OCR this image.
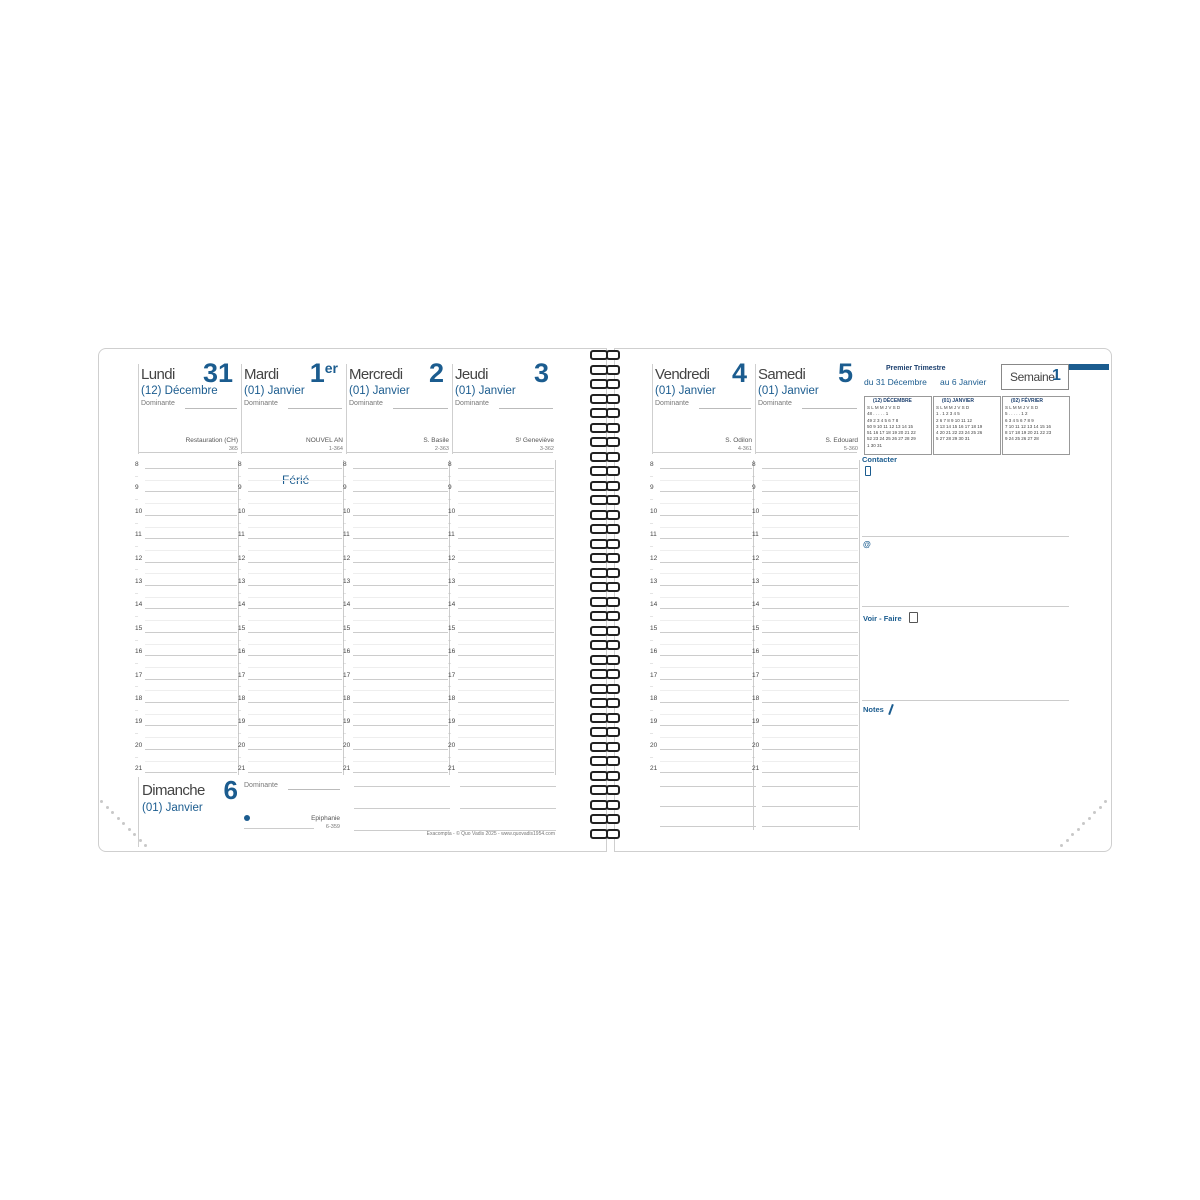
Lundi 31
(12) Décembre
Dominante
Restauration (CH)
365
Mardi 1er
(01) Janvier
Dominante
NOUVEL AN
1-364
Mercredi 2
(01) Janvier
Dominante
S. Basile
2-363
Jeudi 3
(01) Janvier
Dominante
Sᵗ Geneviève
3-362
Férié
Dimanche 6
(01) Janvier
Dominante
Epiphanie
6-359
Exacompta - © Quo Vadis 2025 - www.quovadis1954.com
Vendredi 4
(01) Janvier
Dominante
S. Odilon
4-361
Samedi 5
(01) Janvier
Dominante
S. Edouard
5-360
Premier Trimestre
du 31 Décembre au 6 Janvier Semaine
1
(12) DÉCEMBRE
S L M M J V S D
48 . . . . . 1
49 2 3 4 5 6 7 8
50 9 10 11 12 13 14 15
51 16 17 18 19 20 21 22
52 23 24 25 26 27 28 29
1 30 31
(01) JANVIER
S L M M J V S D
1 . 1 2 3 4 5
2 6 7 8 9 10 11 12
3 13 14 15 16 17 18 19
4 20 21 22 23 24 25 26
5 27 28 29 30 31
(02) FÉVRIER
S L M M J V S D
5 . . . . . 1 2
6 3 4 5 6 7 8 9
7 10 11 12 13 14 15 16
8 17 18 19 20 21 22 23
9 24 25 26 27 28
Contacter
@
Voir - Faire
Notes
8
–
9
–
10
–
11
–
12
–
13
–
14
–
15
–
16
–
17
–
18
–
19
–
20
–
21
8
–
9
–
10
–
11
–
12
–
13
–
14
–
15
–
16
–
17
–
18
–
19
–
20
–
21
8
–
9
–
10
–
11
–
12
–
13
–
14
–
15
–
16
–
17
–
18
–
19
–
20
–
21
8
–
9
–
10
–
11
–
12
–
13
–
14
–
15
–
16
–
17
–
18
–
19
–
20
–
21
8
–
9
–
10
–
11
–
12
–
13
–
14
–
15
–
16
–
17
–
18
–
19
–
20
–
21
8
–
9
–
10
–
11
–
12
–
13
–
14
–
15
–
16
–
17
–
18
–
19
–
20
–
21
